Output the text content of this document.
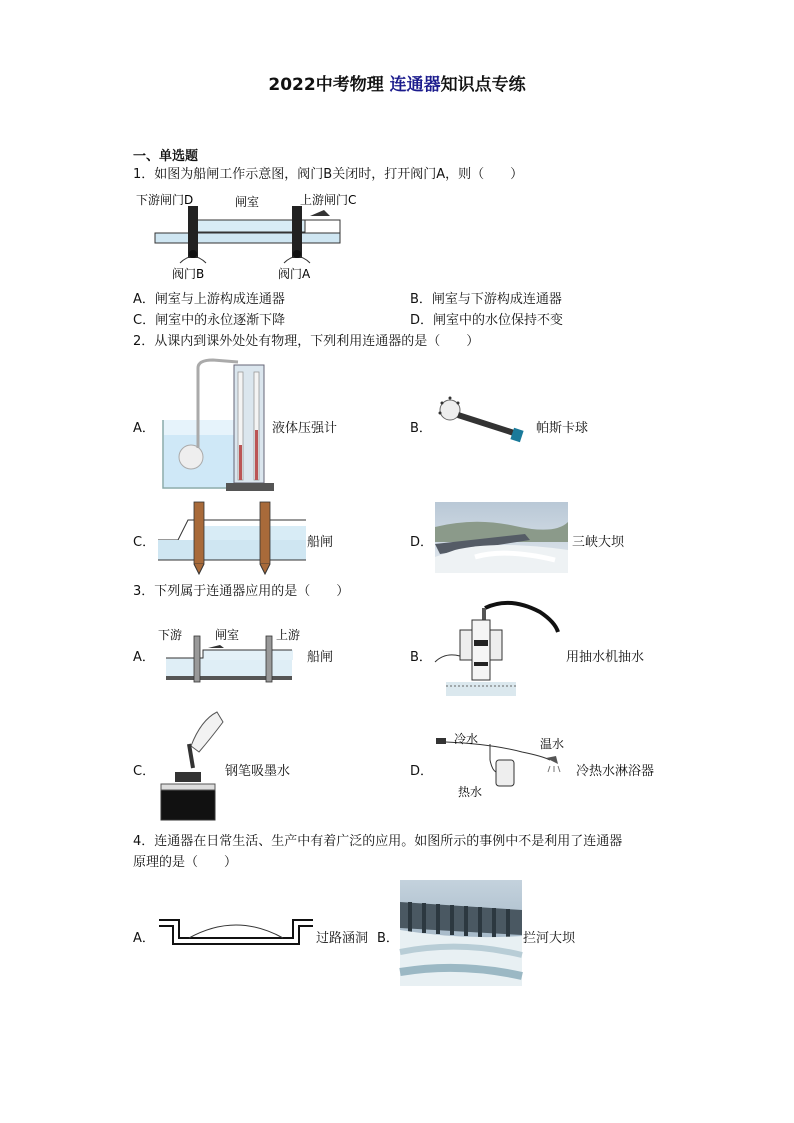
2022中考物理 连通器知识点专练
一、单选题
1．如图为船闸工作示意图，阀门B关闭时，打开阀门A，则（　　）
下游闸门D	闸室	上游闸门C
阀门B	阀门A
A．闸室与上游构成连通器	B．闸室与下游构成连通器
C．闸室中的永位逐渐下降	D．闸室中的水位保持不变
2．从课内到课外处处有物理，下列利用连通器的是（　　）
A．	液体压强计	B．	帕斯卡球
C．	船闸	D．	三峡大坝
3．下列属于连通器应用的是（　　）
A．
下游	闸室	上游
船闸	B．	用抽水机抽水
C．	钢笔吸墨水	D．
冷水	温水
热水
冷热水淋浴器
4．连通器在日常生活、生产中有着广泛的应用。如图所示的事例中不是利用了连通器
原理的是（　　）
A．	过路涵洞 B．	拦河大坝
